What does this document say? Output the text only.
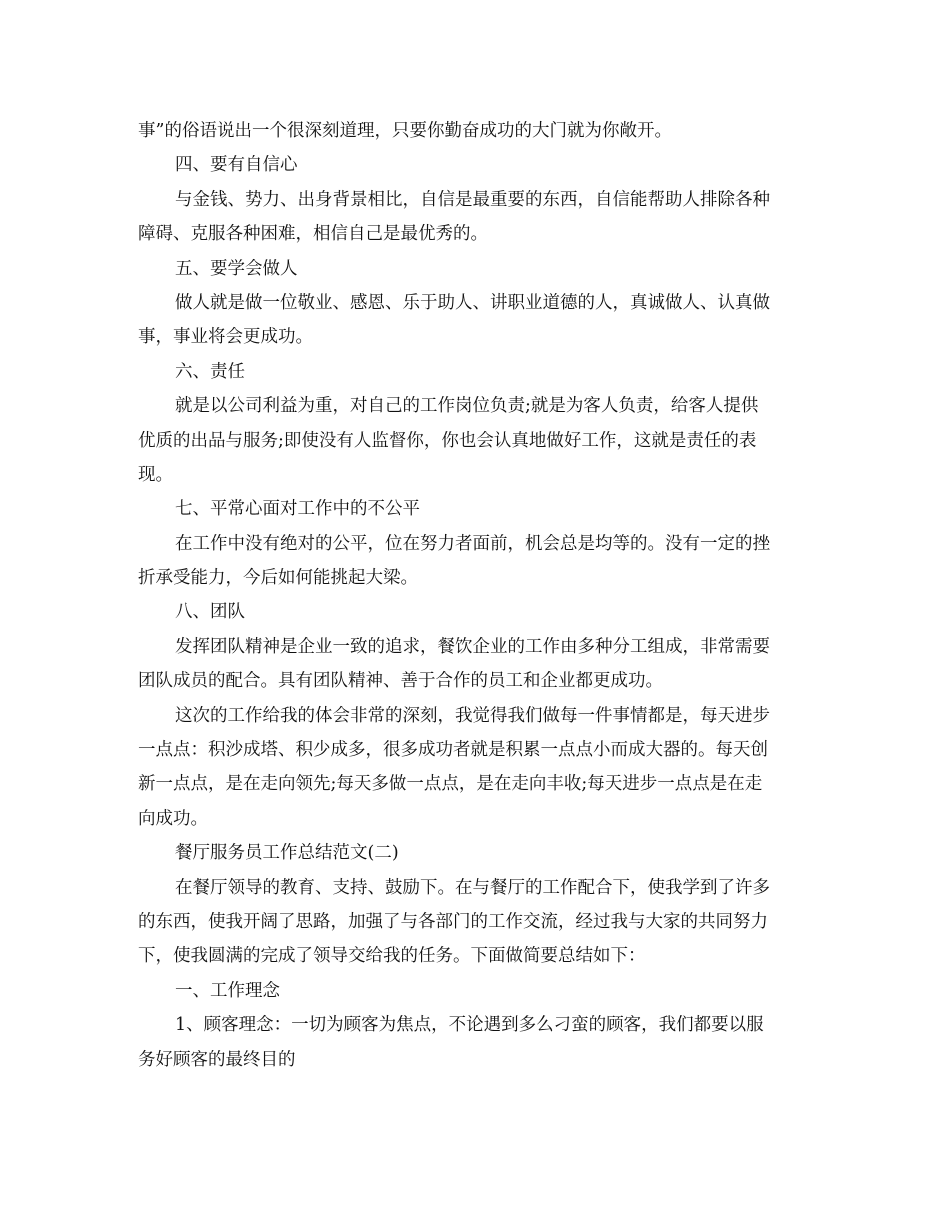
事”的俗语说出一个很深刻道理，只要你勤奋成功的大门就为你敞开。
四、要有自信心
与金钱、势力、出身背景相比，自信是最重要的东西，自信能帮助人排除各种
障碍、克服各种困难，相信自己是最优秀的。
五、要学会做人
做人就是做一位敬业、感恩、乐于助人、讲职业道德的人，真诚做人、认真做
事，事业将会更成功。
六、责任
就是以公司利益为重，对自己的工作岗位负责;就是为客人负责，给客人提供
优质的出品与服务;即使没有人监督你，你也会认真地做好工作，这就是责任的表
现。
七、平常心面对工作中的不公平
在工作中没有绝对的公平，位在努力者面前，机会总是均等的。没有一定的挫
折承受能力，今后如何能挑起大梁。
八、团队
发挥团队精神是企业一致的追求，餐饮企业的工作由多种分工组成，非常需要
团队成员的配合。具有团队精神、善于合作的员工和企业都更成功。
这次的工作给我的体会非常的深刻，我觉得我们做每一件事情都是，每天进步
一点点：积沙成塔、积少成多，很多成功者就是积累一点点小而成大器的。每天创
新一点点，是在走向领先;每天多做一点点，是在走向丰收;每天进步一点点是在走
向成功。
餐厅服务员工作总结范文(二)
在餐厅领导的教育、支持、鼓励下。在与餐厅的工作配合下，使我学到了许多
的东西，使我开阔了思路，加强了与各部门的工作交流，经过我与大家的共同努力
下，使我圆满的完成了领导交给我的任务。下面做简要总结如下：
一、工作理念
1、顾客理念：一切为顾客为焦点，不论遇到多么刁蛮的顾客，我们都要以服
务好顾客的最终目的
